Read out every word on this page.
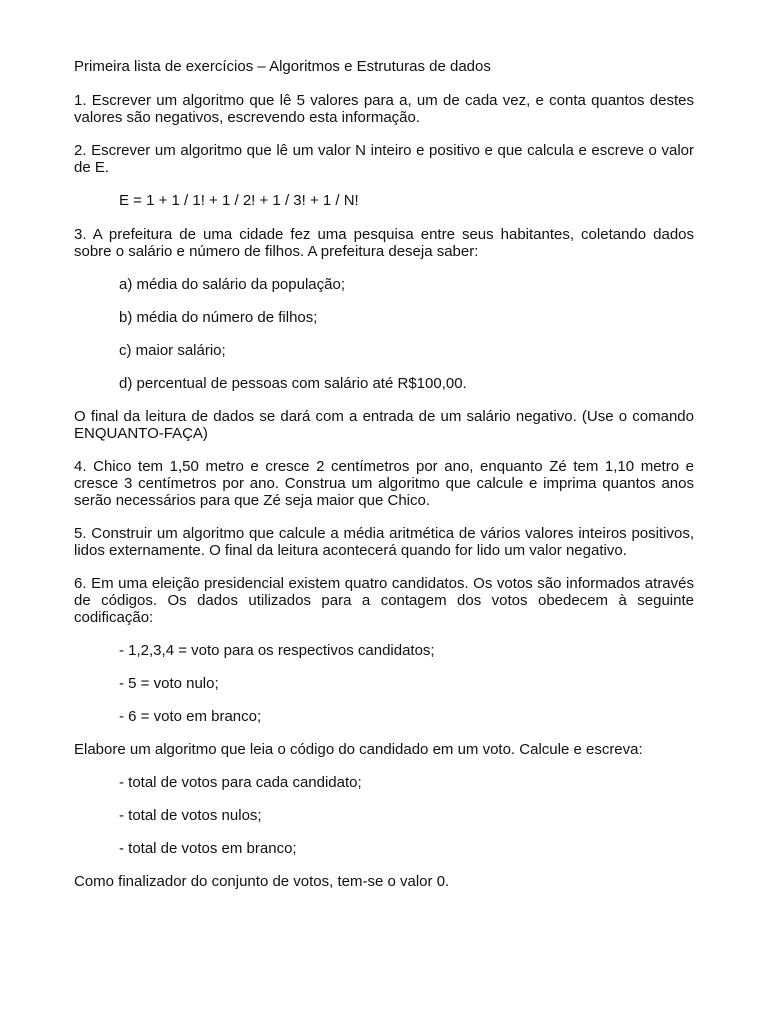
Primeira lista de exercícios – Algoritmos e Estruturas de dados

1. Escrever um algoritmo que lê 5 valores para a, um de cada vez, e conta quantos destes valores são negativos, escrevendo esta informação.

2. Escrever um algoritmo que lê um valor N inteiro e positivo e que calcula e escreve o valor de E.

E = 1 + 1 / 1! + 1 / 2! + 1 / 3! + 1 / N!

3. A prefeitura de uma cidade fez uma pesquisa entre seus habitantes, coletando dados sobre o salário e número de filhos. A prefeitura deseja saber:

a) média do salário da população;

b) média do número de filhos;

c) maior salário;

d) percentual de pessoas com salário até R$100,00.

O final da leitura de dados se dará com a entrada de um salário negativo. (Use o comando ENQUANTO-FAÇA)

4. Chico tem 1,50 metro e cresce 2 centímetros por ano, enquanto Zé tem 1,10 metro e cresce 3 centímetros por ano. Construa um algoritmo que calcule e imprima quantos anos serão necessários para que Zé seja maior que Chico.

5. Construir um algoritmo que calcule a média aritmética de vários valores inteiros positivos, lidos externamente. O final da leitura acontecerá quando for lido um valor negativo.

6. Em uma eleição presidencial existem quatro candidatos. Os votos são informados através de códigos. Os dados utilizados para a contagem dos votos obedecem à seguinte codificação:

- 1,2,3,4 = voto para os respectivos candidatos;

- 5 = voto nulo;

- 6 = voto em branco;

Elabore um algoritmo que leia o código do candidado em um voto. Calcule e escreva:

- total de votos para cada candidato;

- total de votos nulos;

- total de votos em branco;

Como finalizador do conjunto de votos, tem-se o valor 0.
